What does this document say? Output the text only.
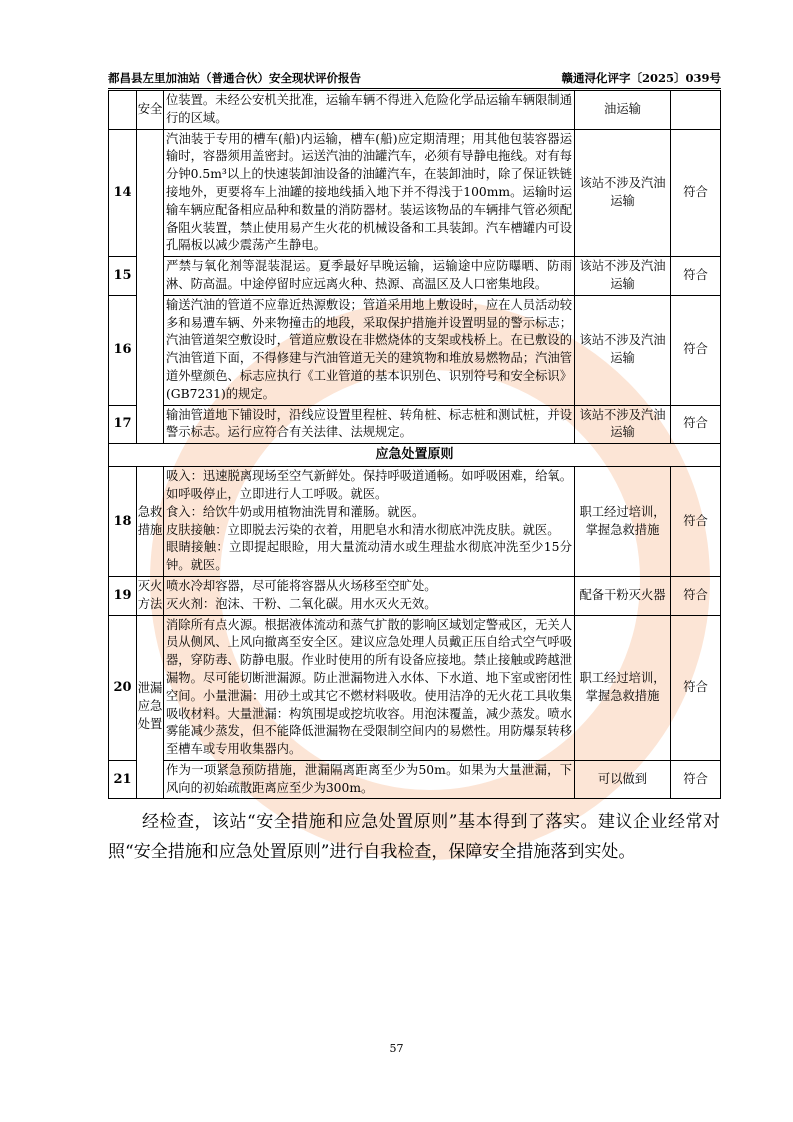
都昌县左里加油站（普通合伙）安全现状评价报告	赣通浔化评字〔2025〕039号
	安全	位装置。未经公安机关批准，运输车辆不得进入危险化学品运输车辆限制通行的区域。	油运输	
14		汽油装于专用的槽车(船)内运输，槽车(船)应定期清理；用其他包装容器运输时，容器须用盖密封。运送汽油的油罐汽车，必须有导静电拖线。对有每分钟0.5m³以上的快速装卸油设备的油罐汽车，在装卸油时，除了保证铁链接地外，更要将车上油罐的接地线插入地下并不得浅于100mm。运输时运输车辆应配备相应品种和数量的消防器材。装运该物品的车辆排气管必须配备阻火装置，禁止使用易产生火花的机械设备和工具装卸。汽车槽罐内可设孔隔板以减少震荡产生静电。	该站不涉及汽油运输	符合
15		严禁与氧化剂等混装混运。夏季最好早晚运输，运输途中应防曝晒、防雨淋、防高温。中途停留时应远离火种、热源、高温区及人口密集地段。	该站不涉及汽油运输	符合
16		输送汽油的管道不应靠近热源敷设；管道采用地上敷设时，应在人员活动较多和易遭车辆、外来物撞击的地段，采取保护措施并设置明显的警示标志；汽油管道架空敷设时，管道应敷设在非燃烧体的支架或栈桥上。在已敷设的汽油管道下面，不得修建与汽油管道无关的建筑物和堆放易燃物品；汽油管道外壁颜色、标志应执行《工业管道的基本识别色、识别符号和安全标识》(GB7231)的规定。	该站不涉及汽油运输	符合
17		输油管道地下铺设时，沿线应设置里程桩、转角桩、标志桩和测试桩，并设警示标志。运行应符合有关法律、法规规定。	该站不涉及汽油运输	符合
应急处置原则				
18	急救措施	吸入：迅速脱离现场至空气新鲜处。保持呼吸道通畅。如呼吸困难，给氧。如呼吸停止，立即进行人工呼吸。就医。
食入：给饮牛奶或用植物油洗胃和灌肠。就医。
皮肤接触：立即脱去污染的衣着，用肥皂水和清水彻底冲洗皮肤。就医。
眼睛接触：立即提起眼睑，用大量流动清水或生理盐水彻底冲洗至少15分钟。就医。	职工经过培训，掌握急救措施	符合
19	灭火方法	喷水冷却容器，尽可能将容器从火场移至空旷处。
灭火剂：泡沫、干粉、二氧化碳。用水灭火无效。	配备干粉灭火器	符合
20	泄漏应急处置	消除所有点火源。根据液体流动和蒸气扩散的影响区域划定警戒区，无关人员从侧风、上风向撤离至安全区。建议应急处理人员戴正压自给式空气呼吸器，穿防毒、防静电服。作业时使用的所有设备应接地。禁止接触或跨越泄漏物。尽可能切断泄漏源。防止泄漏物进入水体、下水道、地下室或密闭性空间。小量泄漏：用砂土或其它不燃材料吸收。使用洁净的无火花工具收集吸收材料。大量泄漏：构筑围堤或挖坑收容。用泡沫覆盖，减少蒸发。喷水雾能减少蒸发，但不能降低泄漏物在受限制空间内的易燃性。用防爆泵转移至槽车或专用收集器内。	职工经过培训，掌握急救措施	符合
21		作为一项紧急预防措施，泄漏隔离距离至少为50m。如果为大量泄漏，下风向的初始疏散距离应至少为300m。	可以做到	符合

经检查，该站“安全措施和应急处置原则”基本得到了落实。建议企业经常对照“安全措施和应急处置原则”进行自我检查，保障安全措施落到实处。

57
